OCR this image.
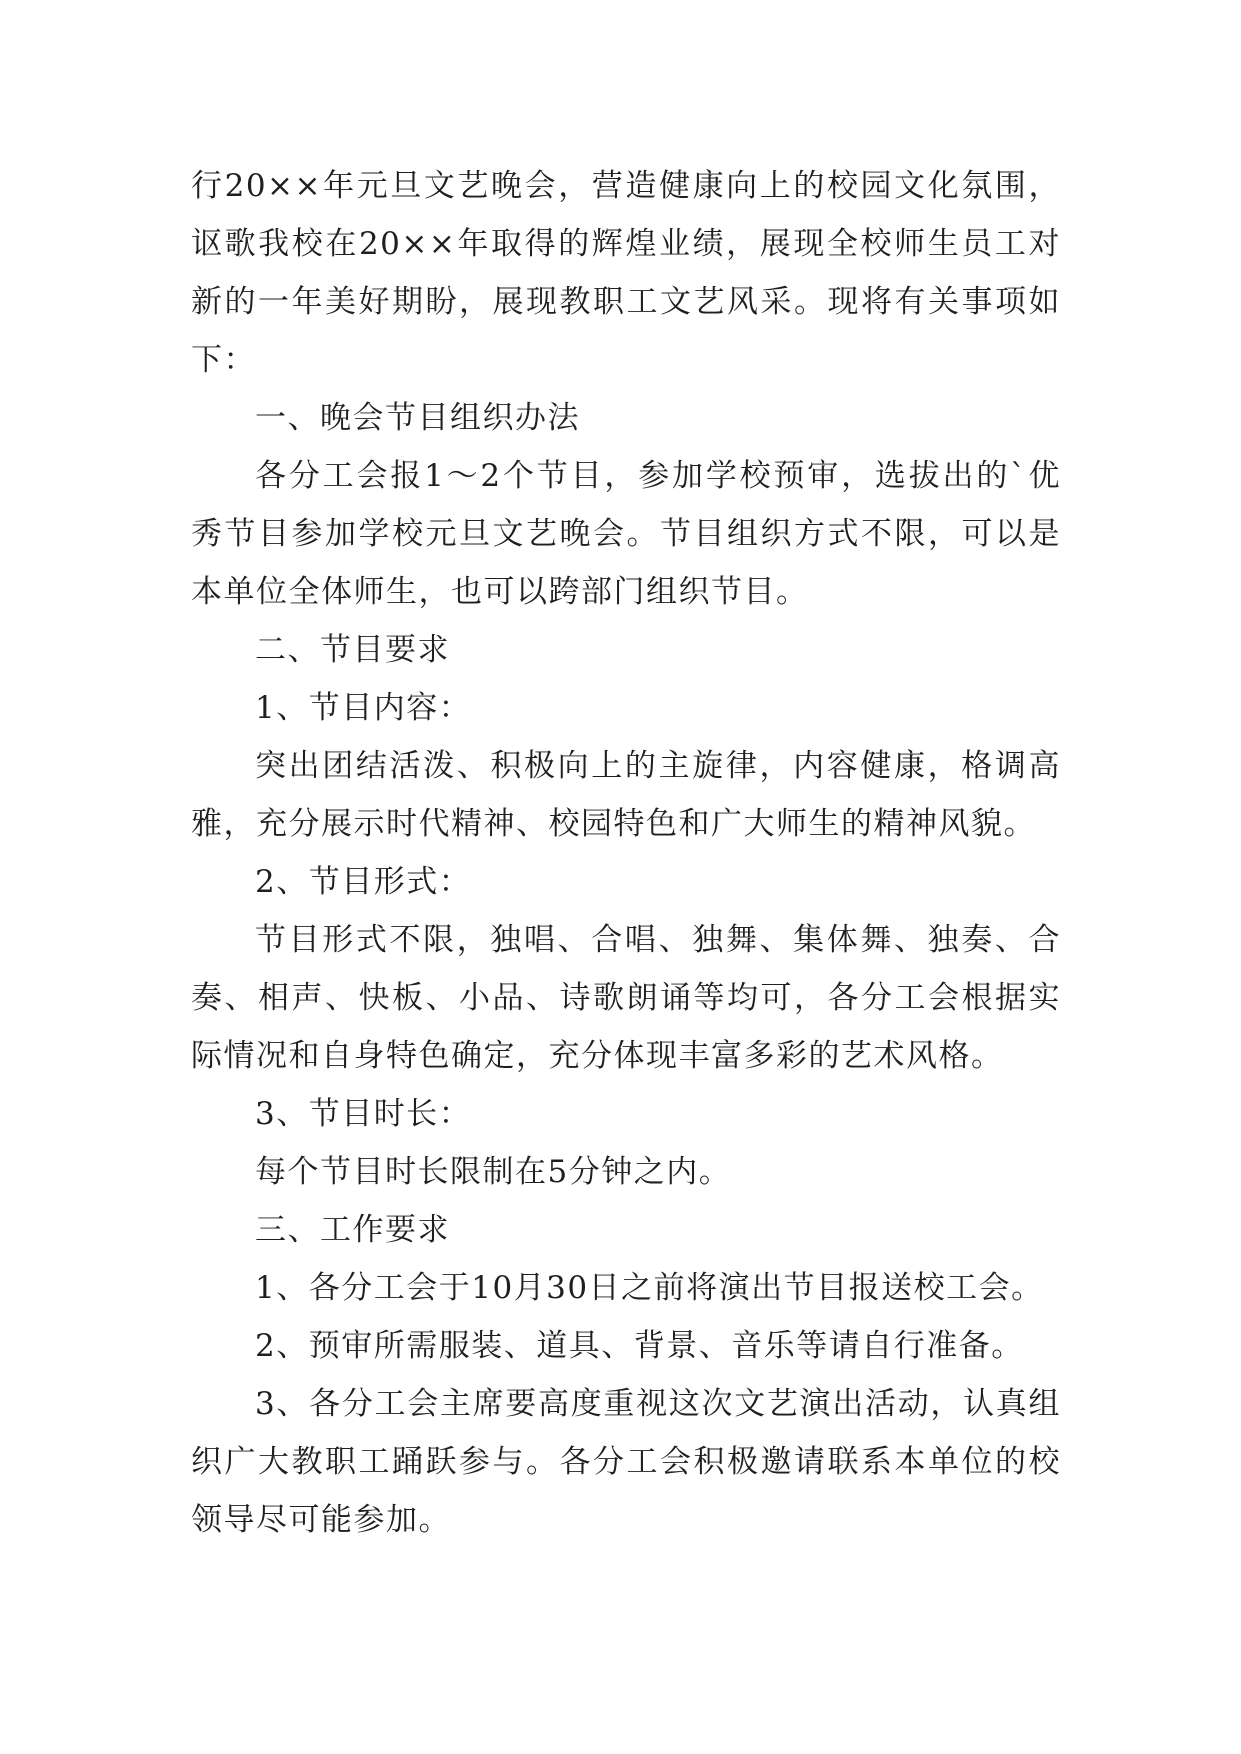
行20××年元旦文艺晚会，营造健康向上的校园文化氛围，讴歌我校在20××年取得的辉煌业绩，展现全校师生员工对新的一年美好期盼，展现教职工文艺风采。现将有关事项如下：

一、晚会节目组织办法

各分工会报1～2个节目，参加学校预审，选拔出的`优秀节目参加学校元旦文艺晚会。节目组织方式不限，可以是本单位全体师生，也可以跨部门组织节目。

二、节目要求

1、节目内容：

突出团结活泼、积极向上的主旋律，内容健康，格调高雅，充分展示时代精神、校园特色和广大师生的精神风貌。

2、节目形式：

节目形式不限，独唱、合唱、独舞、集体舞、独奏、合奏、相声、快板、小品、诗歌朗诵等均可，各分工会根据实际情况和自身特色确定，充分体现丰富多彩的艺术风格。

3、节目时长：

每个节目时长限制在5分钟之内。

三、工作要求

1、各分工会于10月30日之前将演出节目报送校工会。

2、预审所需服装、道具、背景、音乐等请自行准备。

3、各分工会主席要高度重视这次文艺演出活动，认真组织广大教职工踊跃参与。各分工会积极邀请联系本单位的校领导尽可能参加。
